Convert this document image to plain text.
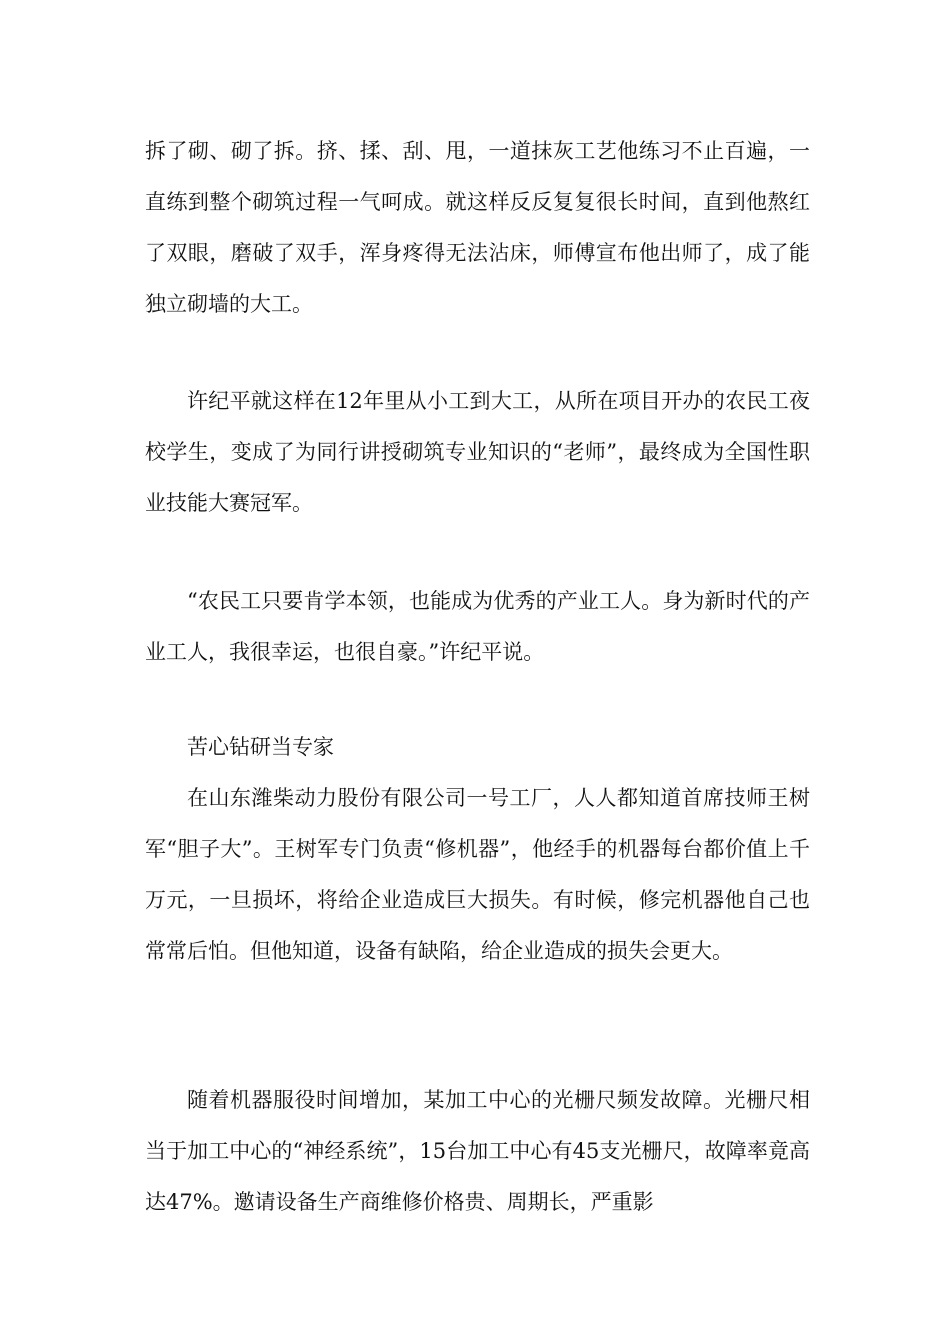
拆了砌、砌了拆。挤、揉、刮、甩，一道抹灰工艺他练习不止百遍，一直练到整个砌筑过程一气呵成。就这样反反复复很长时间，直到他熬红了双眼，磨破了双手，浑身疼得无法沾床，师傅宣布他出师了，成了能独立砌墙的大工。

许纪平就这样在12年里从小工到大工，从所在项目开办的农民工夜校学生，变成了为同行讲授砌筑专业知识的“老师”，最终成为全国性职业技能大赛冠军。

“农民工只要肯学本领，也能成为优秀的产业工人。身为新时代的产业工人，我很幸运，也很自豪。”许纪平说。

苦心钻研当专家

在山东潍柴动力股份有限公司一号工厂，人人都知道首席技师王树军“胆子大”。王树军专门负责“修机器”，他经手的机器每台都价值上千万元，一旦损坏，将给企业造成巨大损失。有时候，修完机器他自己也常常后怕。但他知道，设备有缺陷，给企业造成的损失会更大。

随着机器服役时间增加，某加工中心的光栅尺频发故障。光栅尺相当于加工中心的“神经系统”，15台加工中心有45支光栅尺，故障率竟高达47%。邀请设备生产商维修价格贵、周期长，严重影
